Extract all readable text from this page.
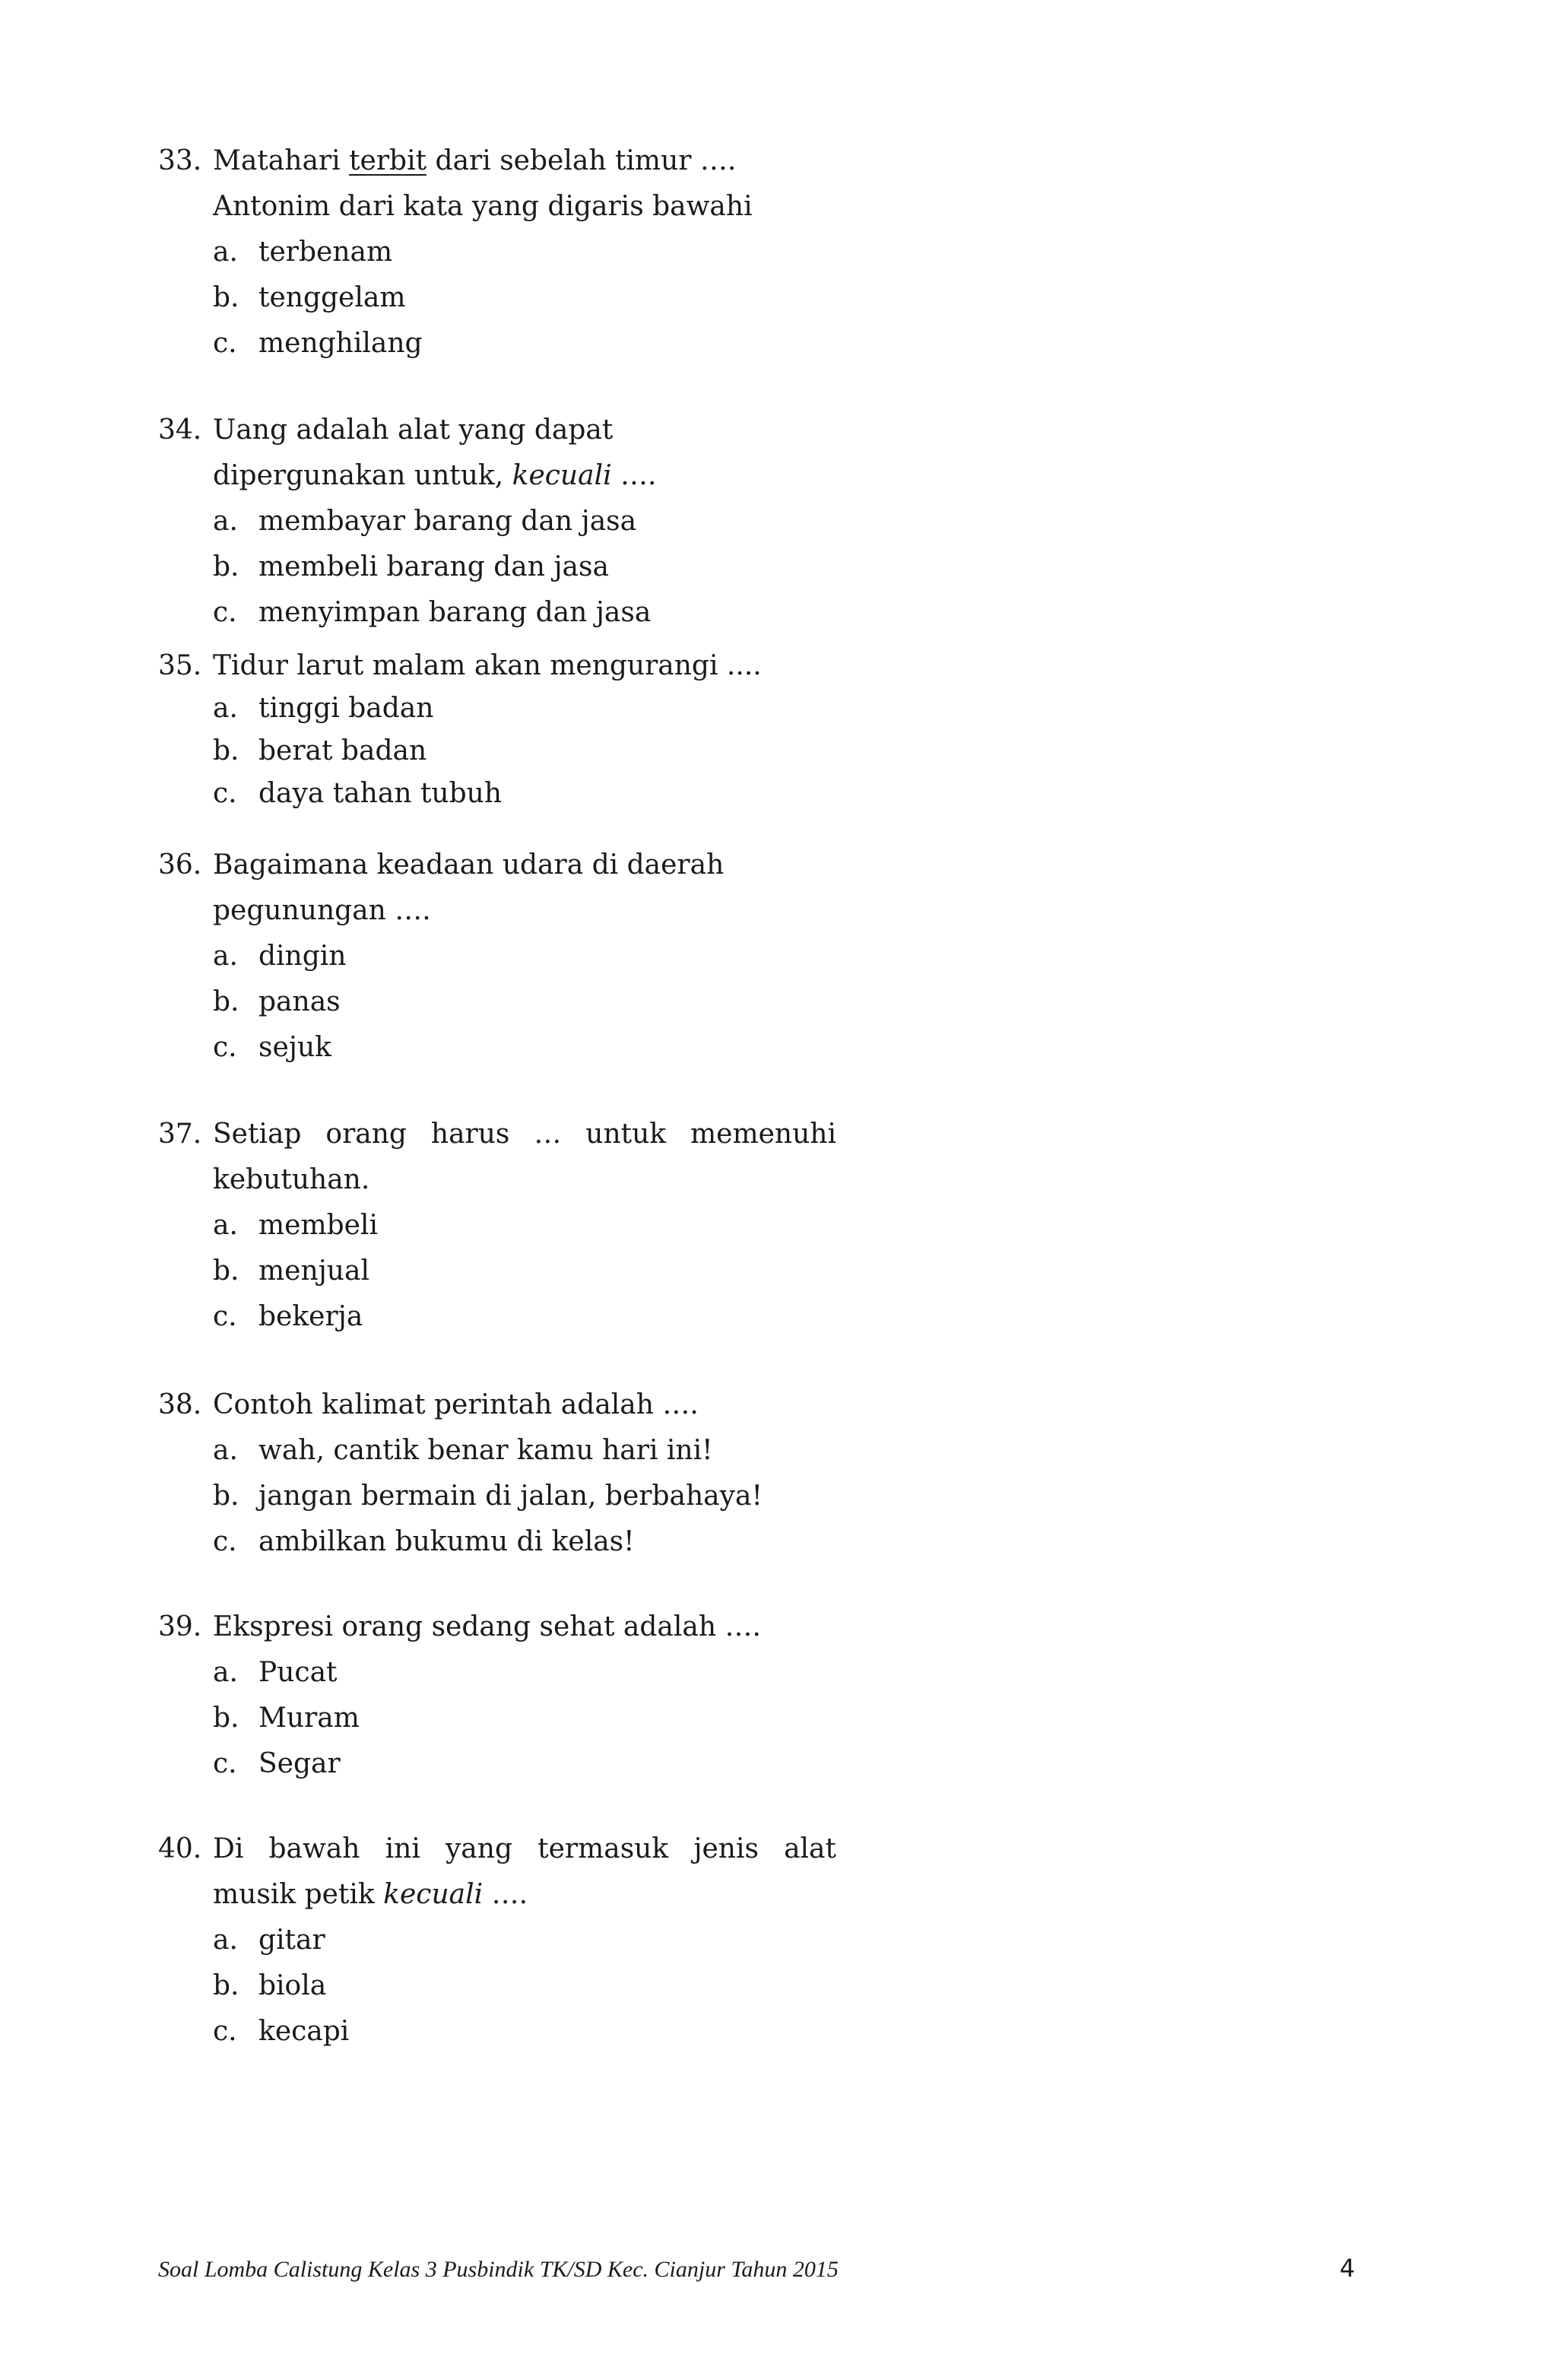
33. Matahari terbit dari sebelah timur ….
Antonim dari kata yang digaris bawahi
a. terbenam
b. tenggelam
c. menghilang
34. Uang adalah alat yang dapat
dipergunakan untuk, kecuali ….
a. membayar barang dan jasa
b. membeli barang dan jasa
c. menyimpan barang dan jasa
35. Tidur larut malam akan mengurangi ....
a. tinggi badan
b. berat badan
c. daya tahan tubuh
36. Bagaimana keadaan udara di daerah
pegunungan ….
a. dingin
b. panas
c. sejuk
37. Setiap orang harus … untuk memenuhi
kebutuhan.
a. membeli
b. menjual
c. bekerja
38. Contoh kalimat perintah adalah ….
a. wah, cantik benar kamu hari ini!
b. jangan bermain di jalan, berbahaya!
c. ambilkan bukumu di kelas!
39. Ekspresi orang sedang sehat adalah ….
a. Pucat
b. Muram
c. Segar
40. Di bawah ini yang termasuk jenis alat
musik petik kecuali ….
a. gitar
b. biola
c. kecapi
Soal Lomba Calistung Kelas 3 Pusbindik TK/SD Kec. Cianjur Tahun 2015	4
